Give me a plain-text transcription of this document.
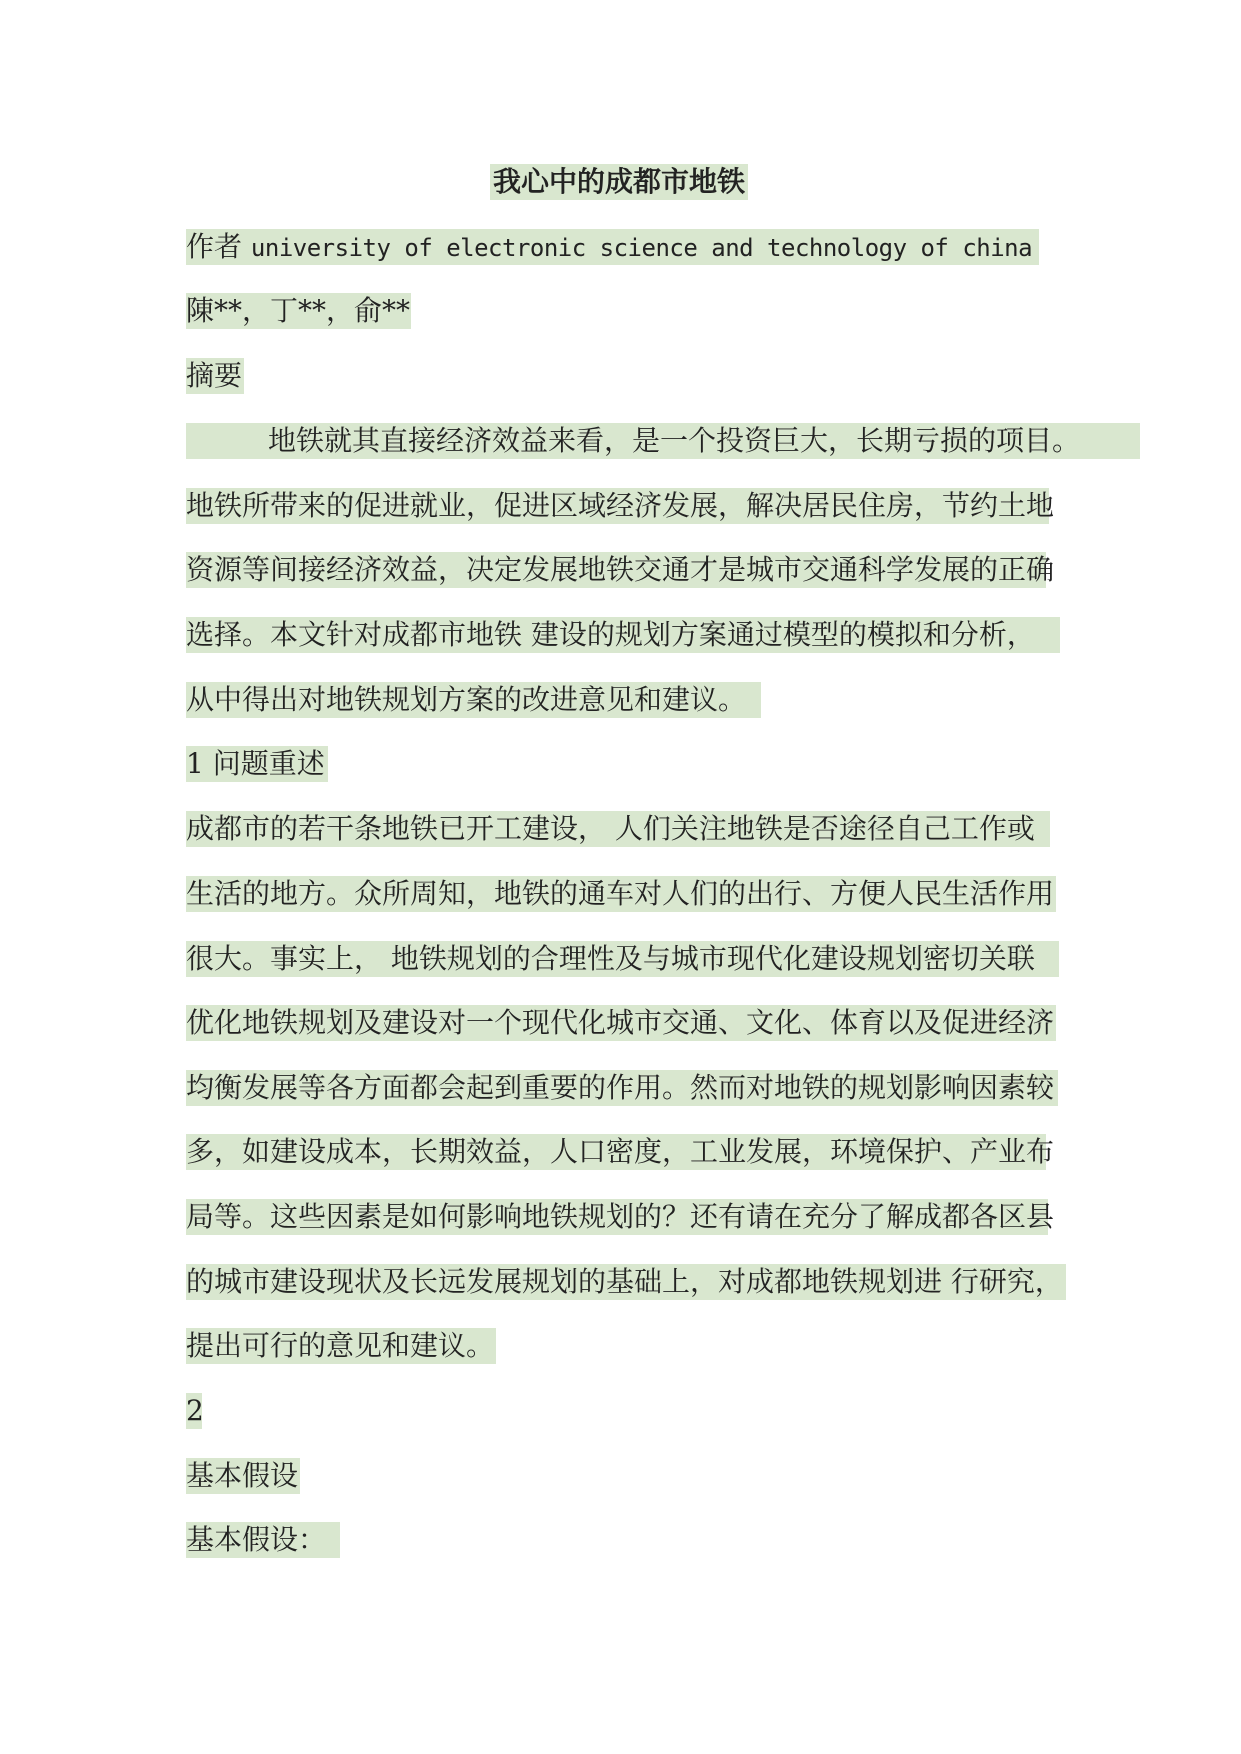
我心中的成都市地铁
作者 university of electronic science and technology of china
陳**，丁**，俞**
摘要
地铁就其直接经济效益来看，是一个投资巨大，长期亏损的项目。
地铁所带来的促进就业，促进区域经济发展，解决居民住房，节约土地
资源等间接经济效益，决定发展地铁交通才是城市交通科学发展的正确
选择。本文针对成都市地铁 建设的规划方案通过模型的模拟和分析，
从中得出对地铁规划方案的改进意见和建议。
1 问题重述
成都市的若干条地铁已开工建设， 人们关注地铁是否途径自己工作或
生活的地方。众所周知，地铁的通车对人们的出行、方便人民生活作用
很大。事实上， 地铁规划的合理性及与城市现代化建设规划密切关联
优化地铁规划及建设对一个现代化城市交通、文化、体育以及促进经济
均衡发展等各方面都会起到重要的作用。然而对地铁的规划影响因素较
多，如建设成本，长期效益，人口密度，工业发展，环境保护、产业布
局等。这些因素是如何影响地铁规划的？还有请在充分了解成都各区县
的城市建设现状及长远发展规划的基础上，对成都地铁规划进 行研究，
提出可行的意见和建议。
2
基本假设
基本假设：
